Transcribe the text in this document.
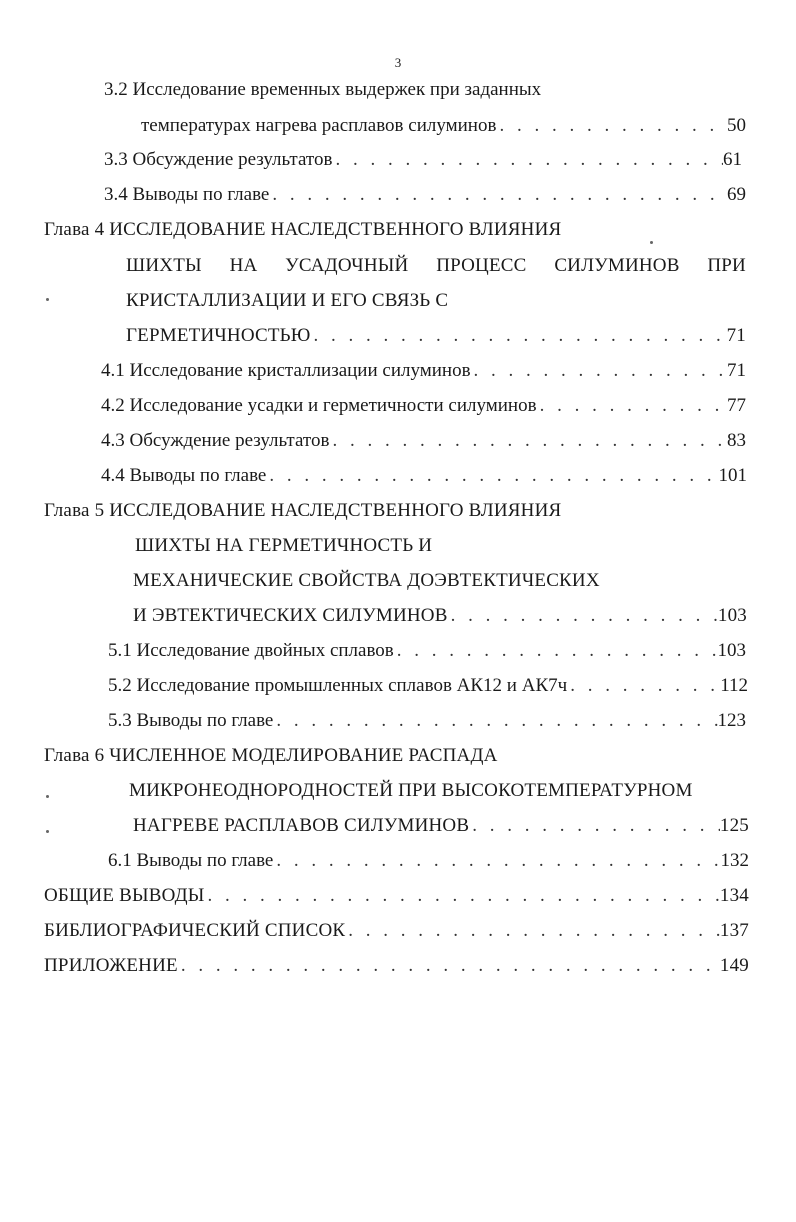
3
3.2 Исследование временных выдержек при заданных
температурах нагрева расплавов силуминов . . .	50
3.3 Обсуждение результатов . . .	61
3.4 Выводы по главе . . .	69
Глава 4 ИССЛЕДОВАНИЕ НАСЛЕДСТВЕННОГО ВЛИЯНИЯ
ШИХТЫ НА УСАДОЧНЫЙ ПРОЦЕСС СИЛУМИНОВ ПРИ
КРИСТАЛЛИЗАЦИИ И ЕГО СВЯЗЬ С
ГЕРМЕТИЧНОСТЬЮ . . .	71
4.1 Исследование кристаллизации силуминов . . .	71
4.2 Исследование усадки и герметичности силуминов . . .	77
4.3 Обсуждение результатов . . .	83
4.4 Выводы по главе . . .	101
Глава 5 ИССЛЕДОВАНИЕ НАСЛЕДСТВЕННОГО ВЛИЯНИЯ
ШИХТЫ НА ГЕРМЕТИЧНОСТЬ И
МЕХАНИЧЕСКИЕ СВОЙСТВА ДОЭВТЕКТИЧЕСКИХ
И ЭВТЕКТИЧЕСКИХ СИЛУМИНОВ . . .	103
5.1 Исследование двойных сплавов . . .	103
5.2 Исследование промышленных сплавов АК12 и АК7ч . . .	112
5.3 Выводы по главе . . .	123
Глава 6 ЧИСЛЕННОЕ МОДЕЛИРОВАНИЕ РАСПАДА
МИКРОНЕОДНОРОДНОСТЕЙ ПРИ ВЫСОКОТЕМПЕРАТУРНОМ
НАГРЕВЕ РАСПЛАВОВ СИЛУМИНОВ . . .	125
6.1 Выводы по главе . . .	132
ОБЩИЕ ВЫВОДЫ . . .	134
БИБЛИОГРАФИЧЕСКИЙ СПИСОК . . .	137
ПРИЛОЖЕНИЕ . . .	149
